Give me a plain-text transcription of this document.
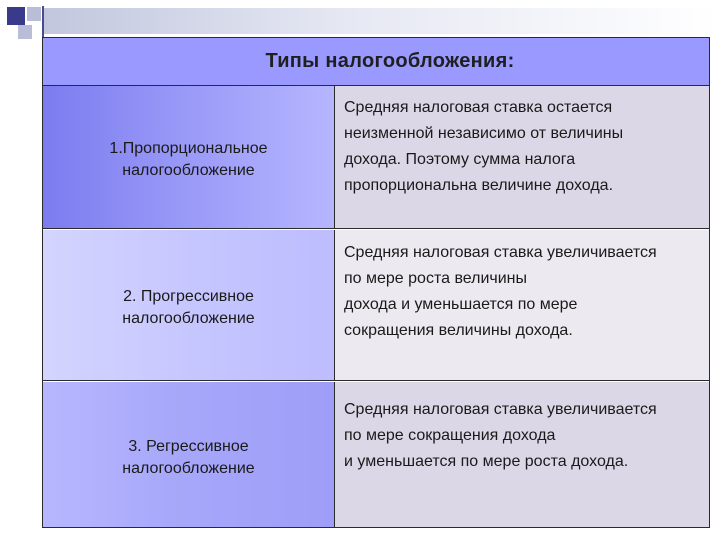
Типы налогообложения:
1.Пропорциональное
налогообложение
Средняя налоговая ставка остается
неизменной независимо от величины
дохода. Поэтому сумма налога
пропорциональна величине дохода.
2. Прогрессивное
налогообложение
Средняя налоговая ставка увеличивается
по мере роста величины
дохода и уменьшается по мере
сокращения величины дохода.
3. Регрессивное
налогообложение
Средняя налоговая ставка увеличивается
по мере сокращения дохода
и уменьшается по мере роста дохода.
